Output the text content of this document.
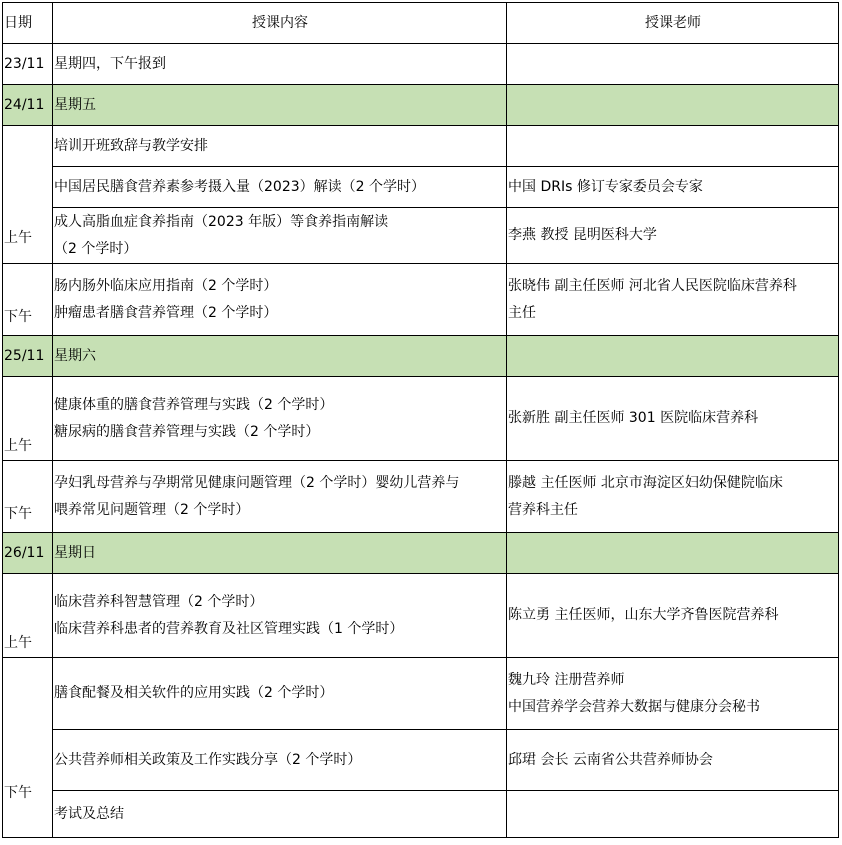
日期	授课内容	授课老师
23/11	星期四，下午报到	
24/11	星期五	
上午	培训开班致辞与教学安排	
	中国居民膳食营养素参考摄入量（2023）解读（2 个学时）	中国 DRIs 修订专家委员会专家

	成人高脂血症食养指南（2023 年版）等食养指南解读
（2 个学时）	李燕 教授 昆明医科大学
下午	肠内肠外临床应用指南（2 个学时）
肿瘤患者膳食营养管理（2 个学时）	张晓伟 副主任医师 河北省人民医院临床营养科
主任

25/11	星期六	
上午	健康体重的膳食营养管理与实践（2 个学时）
糖尿病的膳食营养管理与实践（2 个学时）	张新胜 副主任医师 301 医院临床营养科
下午	孕妇乳母营养与孕期常见健康问题管理（2 个学时）婴幼儿营养与
喂养常见问题管理（2 个学时）	滕越 主任医师 北京市海淀区妇幼保健院临床
营养科主任

26/11	星期日	
上午	临床营养科智慧管理（2 个学时）
临床营养科患者的营养教育及社区管理实践（1 个学时）	陈立勇 主任医师，山东大学齐鲁医院营养科
下午	膳食配餐及相关软件的应用实践（2 个学时）	魏九玲 注册营养师
中国营养学会营养大数据与健康分会秘书

	公共营养师相关政策及工作实践分享（2 个学时）	邱珺 会长 云南省公共营养师协会
	考试及总结	
